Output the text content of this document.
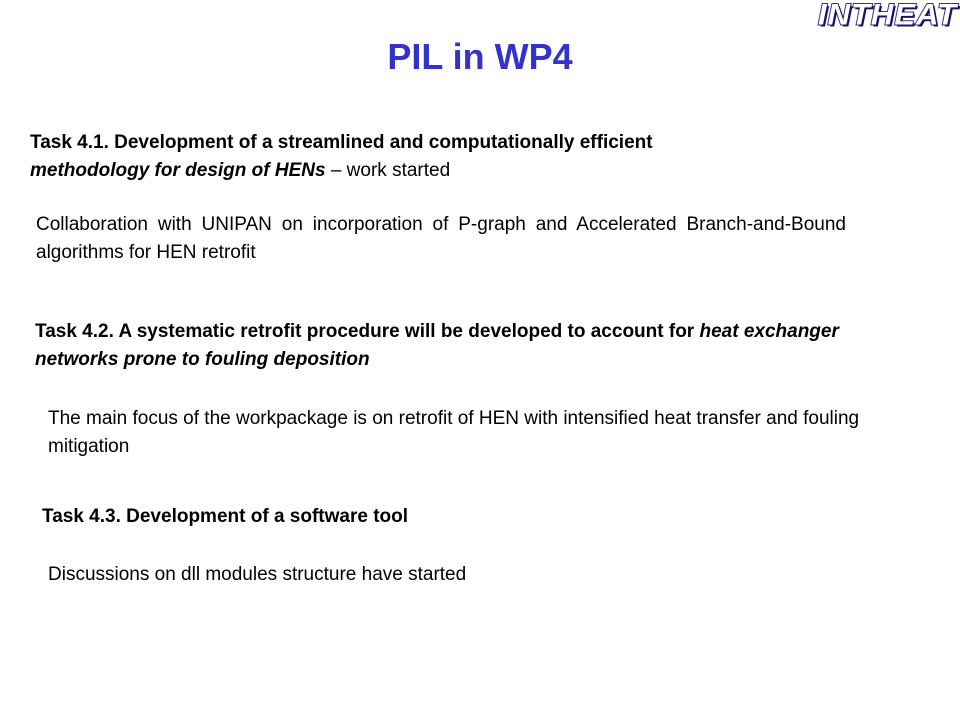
INTHEAT
PIL in WP4

Task 4.1. Development of a streamlined and computationally efficient
methodology for design of HENs – work started

Collaboration with UNIPAN on incorporation of P-graph and Accelerated Branch-and-Bound algorithms for HEN retrofit

Task 4.2. A systematic retrofit procedure will be developed to account for heat exchanger networks prone to fouling deposition

The main focus of the workpackage is on retrofit of HEN with intensified heat transfer and fouling mitigation

Task 4.3. Development of a software tool

Discussions on dll modules structure have started
